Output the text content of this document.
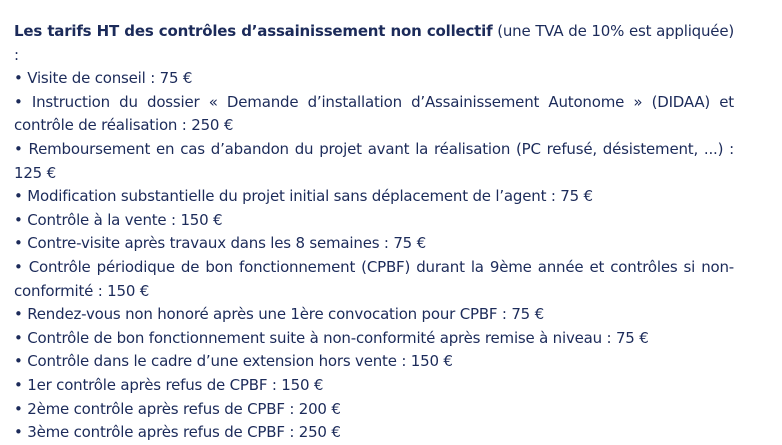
Les tarifs HT des contrôles d’assainissement non collectif (une TVA de 10% est appliquée) :

• Visite de conseil : 75 €
• Instruction du dossier « Demande d’installation d’Assainissement Autonome » (DIDAA) et contrôle de réalisation : 250 €
• Remboursement en cas d’abandon du projet avant la réalisation (PC refusé, désistement, ...) : 125 €
• Modification substantielle du projet initial sans déplacement de l’agent : 75 €
• Contrôle à la vente : 150 €
• Contre-visite après travaux dans les 8 semaines : 75 €
• Contrôle périodique de bon fonctionnement (CPBF) durant la 9ème année et contrôles si non-conformité : 150 €
• Rendez-vous non honoré après une 1ère convocation pour CPBF : 75 €
• Contrôle de bon fonctionnement suite à non-conformité après remise à niveau : 75 €
• Contrôle dans le cadre d’une extension hors vente : 150 €
• 1er contrôle après refus de CPBF : 150 €
• 2ème contrôle après refus de CPBF : 200 €
• 3ème contrôle après refus de CPBF : 250 €
